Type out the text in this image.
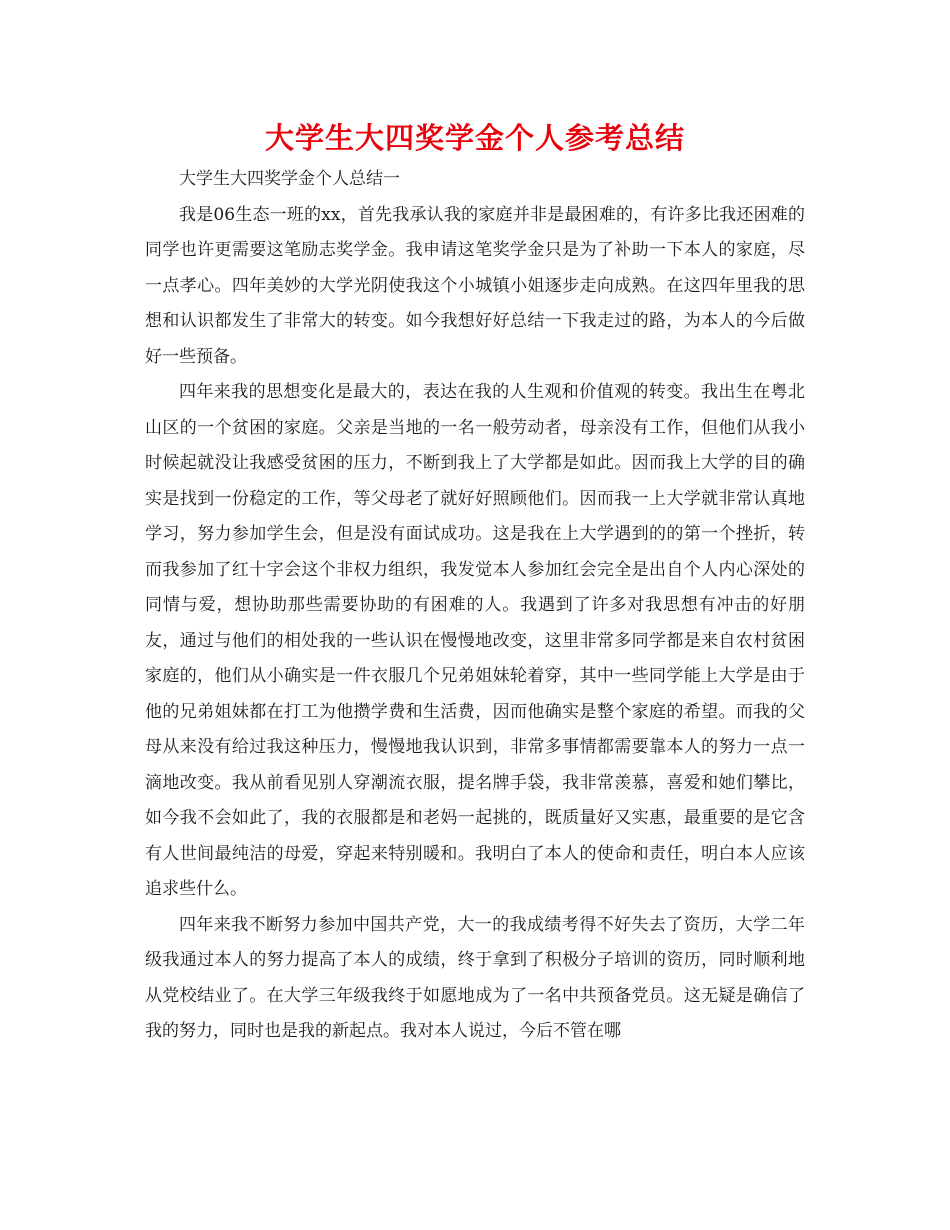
大学生大四奖学金个人参考总结

大学生大四奖学金个人总结一

我是06生态一班的xx，首先我承认我的家庭并非是最困难的，有许多比我还困难的同学也许更需要这笔励志奖学金。我申请这笔奖学金只是为了补助一下本人的家庭，尽一点孝心。四年美妙的大学光阴使我这个小城镇小姐逐步走向成熟。在这四年里我的思想和认识都发生了非常大的转变。如今我想好好总结一下我走过的路，为本人的今后做好一些预备。

四年来我的思想变化是最大的，表达在我的人生观和价值观的转变。我出生在粤北山区的一个贫困的家庭。父亲是当地的一名一般劳动者，母亲没有工作，但他们从我小时候起就没让我感受贫困的压力，不断到我上了大学都是如此。因而我上大学的目的确实是找到一份稳定的工作，等父母老了就好好照顾他们。因而我一上大学就非常认真地学习，努力参加学生会，但是没有面试成功。这是我在上大学遇到的的第一个挫折，转而我参加了红十字会这个非权力组织，我发觉本人参加红会完全是出自个人内心深处的同情与爱，想协助那些需要协助的有困难的人。我遇到了许多对我思想有冲击的好朋友，通过与他们的相处我的一些认识在慢慢地改变，这里非常多同学都是来自农村贫困家庭的，他们从小确实是一件衣服几个兄弟姐妹轮着穿，其中一些同学能上大学是由于他的兄弟姐妹都在打工为他攒学费和生活费，因而他确实是整个家庭的希望。而我的父母从来没有给过我这种压力，慢慢地我认识到，非常多事情都需要靠本人的努力一点一滴地改变。我从前看见别人穿潮流衣服，提名牌手袋，我非常羡慕，喜爱和她们攀比，如今我不会如此了，我的衣服都是和老妈一起挑的，既质量好又实惠，最重要的是它含有人世间最纯洁的母爱，穿起来特别暖和。我明白了本人的使命和责任，明白本人应该追求些什么。

四年来我不断努力参加中国共产党，大一的我成绩考得不好失去了资历，大学二年级我通过本人的努力提高了本人的成绩，终于拿到了积极分子培训的资历，同时顺利地从党校结业了。在大学三年级我终于如愿地成为了一名中共预备党员。这无疑是确信了我的努力，同时也是我的新起点。我对本人说过，今后不管在哪
